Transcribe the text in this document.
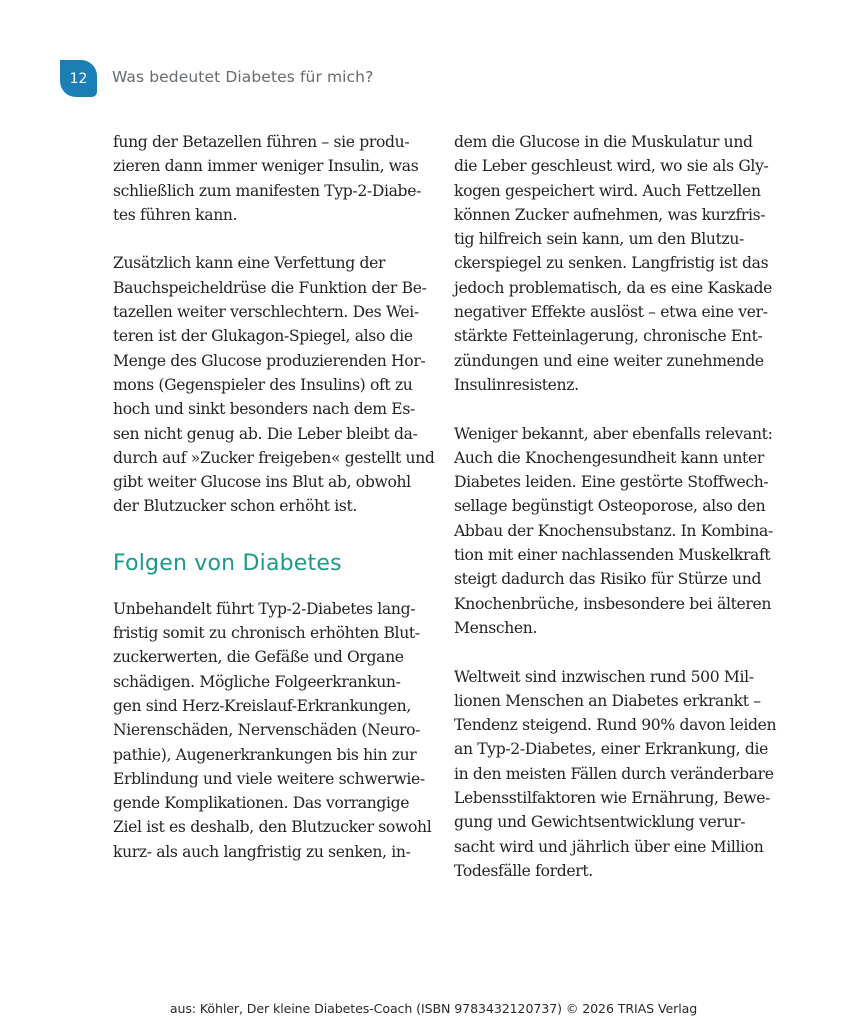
12 Was bedeutet Diabetes für mich?
fung der Betazellen führen – sie produ-
zieren dann immer weniger Insulin, was
schließlich zum manifesten Typ-2-Diabe-
tes führen kann.
Zusätzlich kann eine Verfettung der
Bauchspeicheldrüse die Funktion der Be-
tazellen weiter verschlechtern. Des Wei-
teren ist der Glukagon-Spiegel, also die
Menge des Glucose produzierenden Hor-
mons (Gegenspieler des Insulins) oft zu
hoch und sinkt besonders nach dem Es-
sen nicht genug ab. Die Leber bleibt da-
durch auf »Zucker freigeben« gestellt und
gibt weiter Glucose ins Blut ab, obwohl
der Blutzucker schon erhöht ist.
Folgen von Diabetes
Unbehandelt führt Typ-2-Diabetes lang-
fristig somit zu chronisch erhöhten Blut-
zuckerwerten, die Gefäße und Organe
schädigen. Mögliche Folgeerkrankun-
gen sind Herz-Kreislauf-Erkrankungen,
Nierenschäden, Nervenschäden (Neuro-
pathie), Augenerkrankungen bis hin zur
Erblindung und viele weitere schwerwie-
gende Komplikationen. Das vorrangige
Ziel ist es deshalb, den Blutzucker sowohl
kurz- als auch langfristig zu senken, in-
dem die Glucose in die Muskulatur und
die Leber geschleust wird, wo sie als Gly-
kogen gespeichert wird. Auch Fettzellen
können Zucker aufnehmen, was kurzfris-
tig hilfreich sein kann, um den Blutzu-
ckerspiegel zu senken. Langfristig ist das
jedoch problematisch, da es eine Kaskade
negativer Effekte auslöst – etwa eine ver-
stärkte Fetteinlagerung, chronische Ent-
zündungen und eine weiter zunehmende
Insulinresistenz.
Weniger bekannt, aber ebenfalls relevant:
Auch die Knochengesundheit kann unter
Diabetes leiden. Eine gestörte Stoffwech-
sellage begünstigt Osteoporose, also den
Abbau der Knochensubstanz. In Kombina-
tion mit einer nachlassenden Muskelkraft
steigt dadurch das Risiko für Stürze und
Knochenbrüche, insbesondere bei älteren
Menschen.
Weltweit sind inzwischen rund 500 Mil-
lionen Menschen an Diabetes erkrankt –
Tendenz steigend. Rund 90% davon leiden
an Typ-2-Diabetes, einer Erkrankung, die
in den meisten Fällen durch veränderbare
Lebensstilfaktoren wie Ernährung, Bewe-
gung und Gewichtsentwicklung verur-
sacht wird und jährlich über eine Million
Todesfälle fordert.
aus: Köhler, Der kleine Diabetes-Coach (ISBN 9783432120737) © 2026 TRIAS Verlag
